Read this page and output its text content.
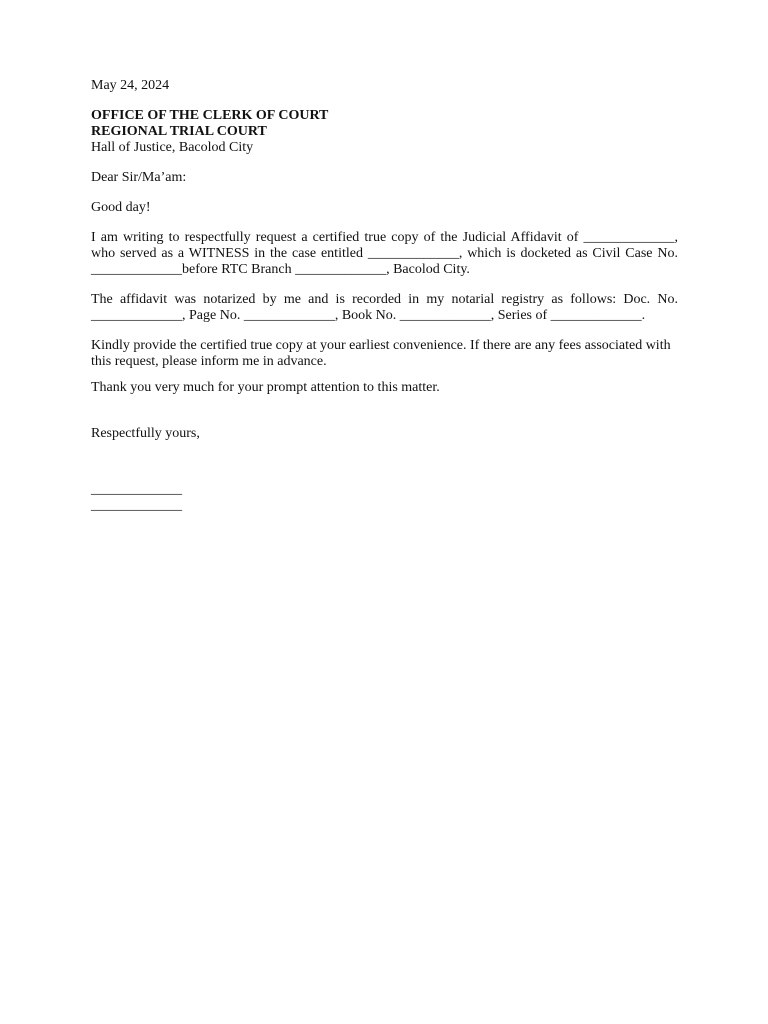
May 24, 2024
OFFICE OF THE CLERK OF COURT
REGIONAL TRIAL COURT
Hall of Justice, Bacolod City
Dear Sir/Ma’am:
Good day!

I am writing to respectfully request a certified true copy of the Judicial Affidavit of _____________, who served as a WITNESS in the case entitled _____________, which is docketed as Civil Case No. _____________before RTC Branch _____________, Bacolod City.

The affidavit was notarized by me and is recorded in my notarial registry as follows: Doc. No. _____________, Page No. _____________, Book No. _____________, Series of _____________.

Kindly provide the certified true copy at your earliest convenience. If there are any fees associated with this request, please inform me in advance.

Thank you very much for your prompt attention to this matter.

Respectfully yours,
_____________
_____________
